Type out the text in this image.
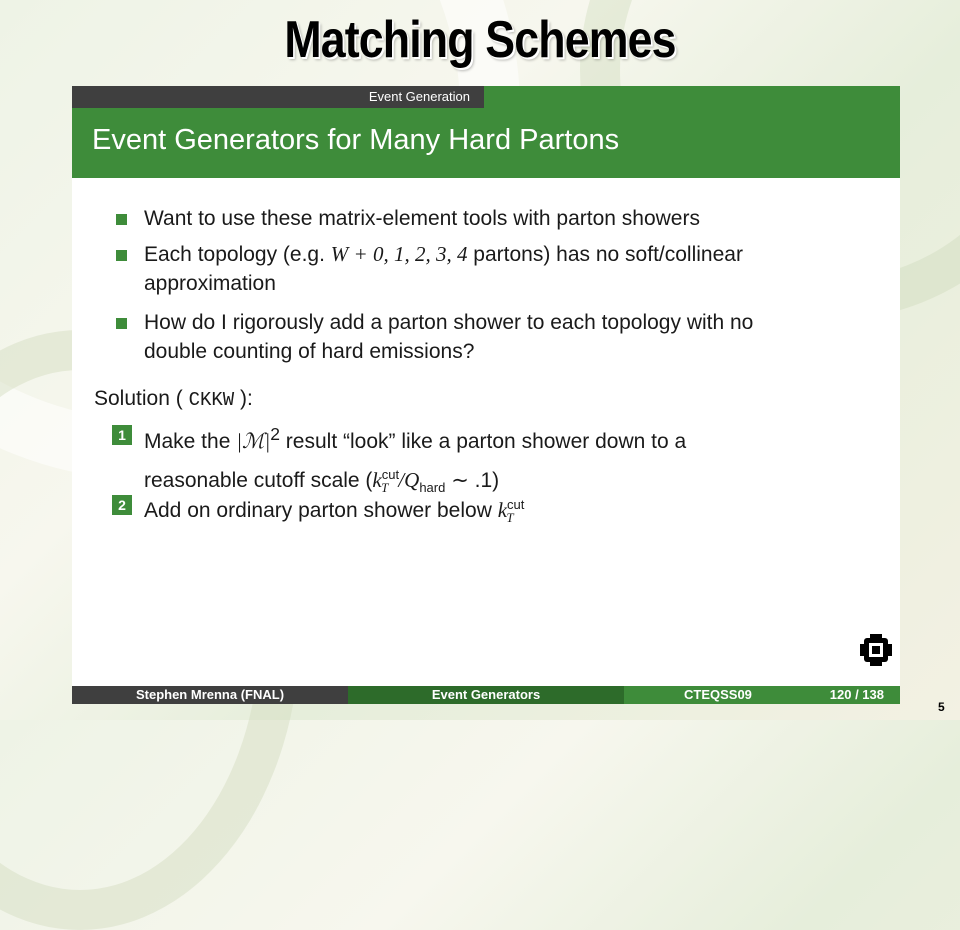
Matching Schemes
Event Generation
Event Generators for Many Hard Partons
Want to use these matrix-element tools with parton showers
Each topology (e.g. W + 0, 1, 2, 3, 4 partons) has no soft/collinear
approximation
How do I rigorously add a parton shower to each topology with no
double counting of hard emissions?
Solution ( CKKW ):
1 Make the $|ℳ|^2$ result “look” like a parton shower down to a
reasonable cutoff scale ($k^{cut}_T$ $/Q_{hard}$ ∼ .1)
2 Add on ordinary parton shower below $k^{cut}_T$
Stephen Mrenna (FNAL)	Event Generators	CTEQSS09	120 / 138
5
